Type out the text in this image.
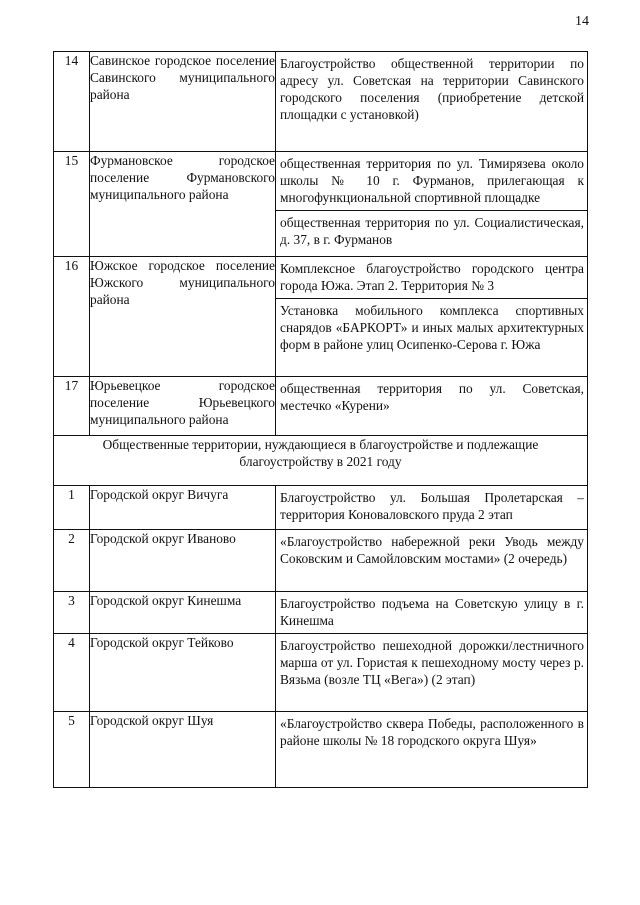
14
14	Савинское городское поселение Савинского муниципального района	Благоустройство общественной территории по адресу ул. Советская на территории Савинского городского поселения (приобретение детской площадки с установкой)

15	Фурмановское городское поселение Фурмановского муниципального района	общественная территория по ул. Тимирязева около школы № 10 г. Фурманов, прилегающая к многофункциональной спортивной площадке
общественная территория по ул. Социалистическая, д. 37, в г. Фурманов

16	Южское городское поселение Южского муниципального района	Комплексное благоустройство городского центра города Южа. Этап 2. Территория № 3
Установка мобильного комплекса спортивных снарядов «БАРКОРТ» и иных малых архитектурных форм в районе улиц Осипенко-Серова г. Южа

17	Юрьевецкое городское поселение Юрьевецкого муниципального района	общественная территория по ул. Советская, местечко «Курени»

Общественные территории, нуждающиеся в благоустройстве и подлежащие благоустройству в 2021 году		
1	Городской округ Вичуга	Благоустройство ул. Большая Пролетарская – территория Коноваловского пруда 2 этап

2	Городской округ Иваново	«Благоустройство набережной реки Уводь между Соковским и Самойловским мостами» (2 очередь)

3	Городской округ Кинешма	Благоустройство подъема на Советскую улицу в г. Кинешма

4	Городской округ Тейково	Благоустройство пешеходной дорожки/лестничного марша от ул. Гористая к пешеходному мосту через р. Вязьма (возле ТЦ «Вега») (2 этап)

5	Городской округ Шуя	«Благоустройство сквера Победы, расположенного в районе школы № 18 городского округа Шуя»
